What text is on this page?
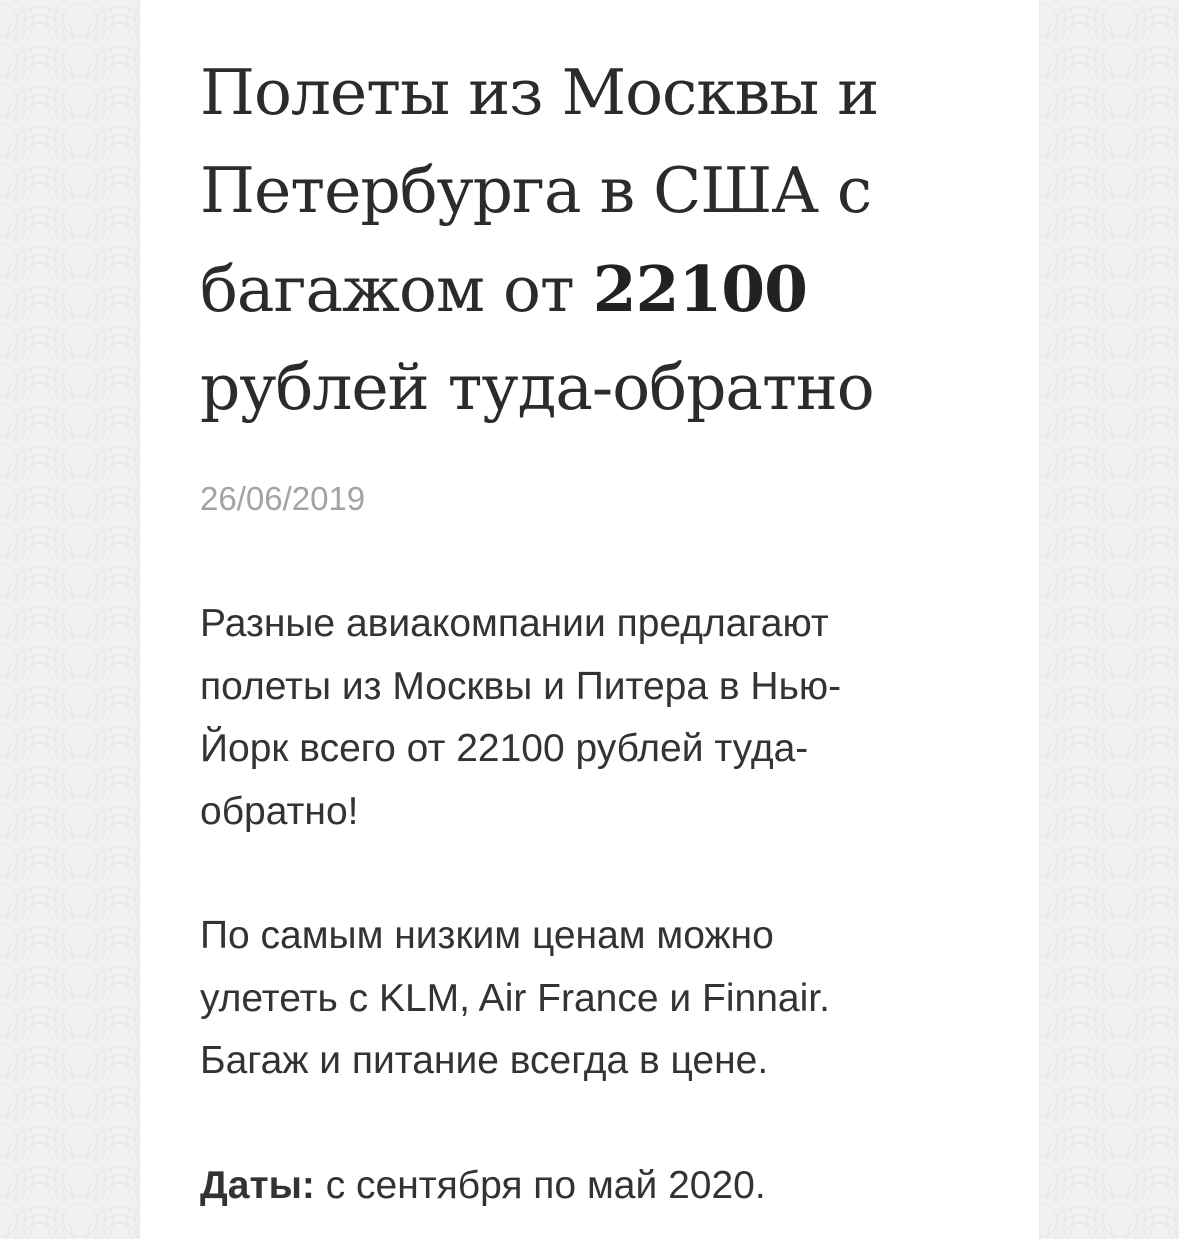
Полеты из Москвы и Петербурга в США с багажом от 22100 рублей туда-обратно
26/06/2019

Разные авиакомпании предлагают полеты из Москвы и Питера в Нью-Йорк всего от 22100 рублей туда-обратно!

По самым низким ценам можно улететь с KLM, Air France и Finnair. Багаж и питание всегда в цене.

Даты: с сентября по май 2020.
